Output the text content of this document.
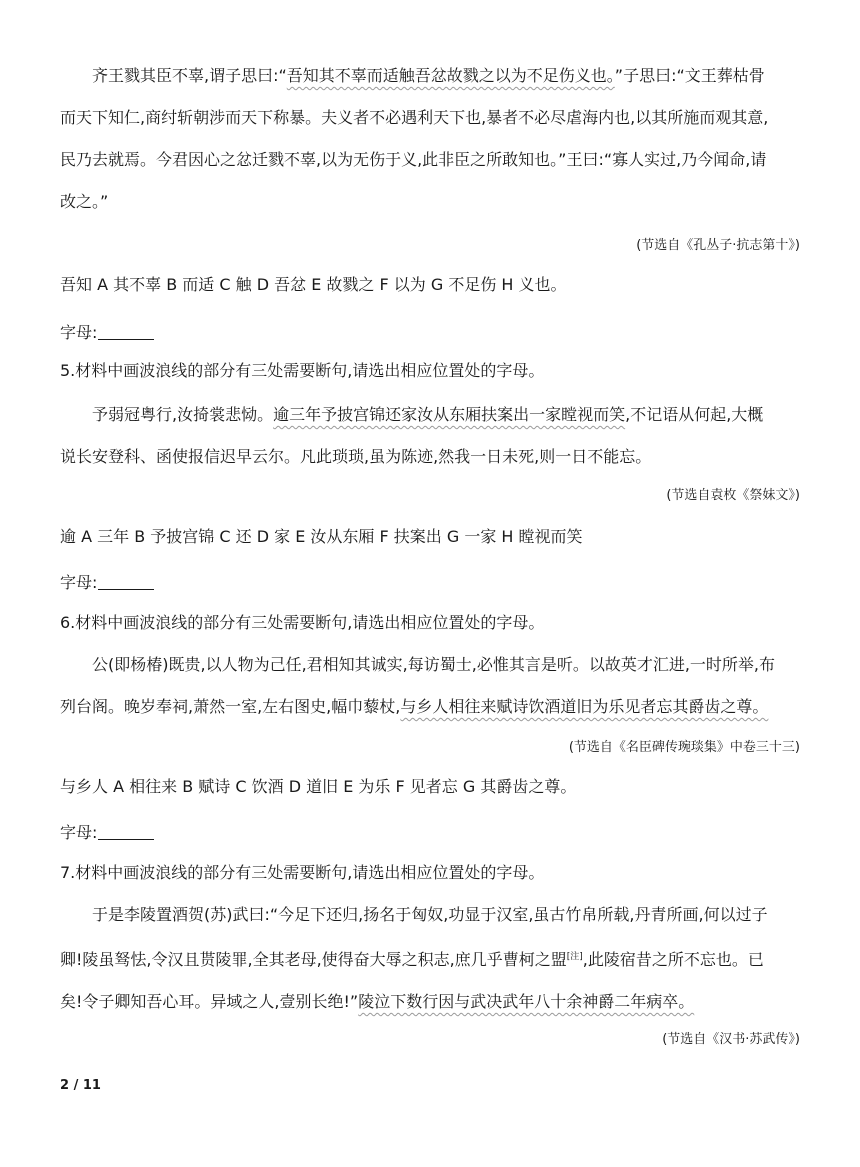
齐王戮其臣不辜,谓子思曰:“吾知其不辜而适触吾忿故戮之以为不足伤义也。”子思曰:“文王葬枯骨

而天下知仁,商纣斩朝涉而天下称暴。夫义者不必遇利天下也,暴者不必尽虐海内也,以其所施而观其意,

民乃去就焉。今君因心之忿迁戮不辜,以为无伤于义,此非臣之所敢知也。”王曰:“寡人实过,乃今闻命,请

改之。”

(节选自《孔丛子·抗志第十》)
吾知 A 其不辜 B 而适 C 触 D 吾忿 E 故戮之 F 以为 G 不足伤 H 义也。
字母:
5.材料中画波浪线的部分有三处需要断句,请选出相应位置处的字母。

予弱冠粤行,汝掎裳悲恸。逾三年予披宫锦还家汝从东厢扶案出一家瞠视而笑,不记语从何起,大概

说长安登科、函使报信迟早云尔。凡此琐琐,虽为陈迹,然我一日未死,则一日不能忘。

(节选自袁枚《祭妹文》)
逾 A 三年 B 予披宫锦 C 还 D 家 E 汝从东厢 F 扶案出 G 一家 H 瞠视而笑
字母:
6.材料中画波浪线的部分有三处需要断句,请选出相应位置处的字母。

公(即杨椿)既贵,以人物为己任,君相知其诚实,每访蜀士,必惟其言是听。以故英才汇进,一时所举,布

列台阁。晚岁奉祠,萧然一室,左右图史,幅巾藜杖,与乡人相往来赋诗饮酒道旧为乐见者忘其爵齿之尊。

(节选自《名臣碑传琬琰集》中卷三十三)
与乡人 A 相往来 B 赋诗 C 饮酒 D 道旧 E 为乐 F 见者忘 G 其爵齿之尊。
字母:
7.材料中画波浪线的部分有三处需要断句,请选出相应位置处的字母。

于是李陵置酒贺(苏)武曰:“今足下还归,扬名于匈奴,功显于汉室,虽古竹帛所载,丹青所画,何以过子

卿!陵虽驽怯,令汉且贳陵罪,全其老母,使得奋大辱之积志,庶几乎曹柯之盟[注],此陵宿昔之所不忘也。已

矣!令子卿知吾心耳。异域之人,壹别长绝!”陵泣下数行因与武决武年八十余神爵二年病卒。

(节选自《汉书·苏武传》)
2 / 11
